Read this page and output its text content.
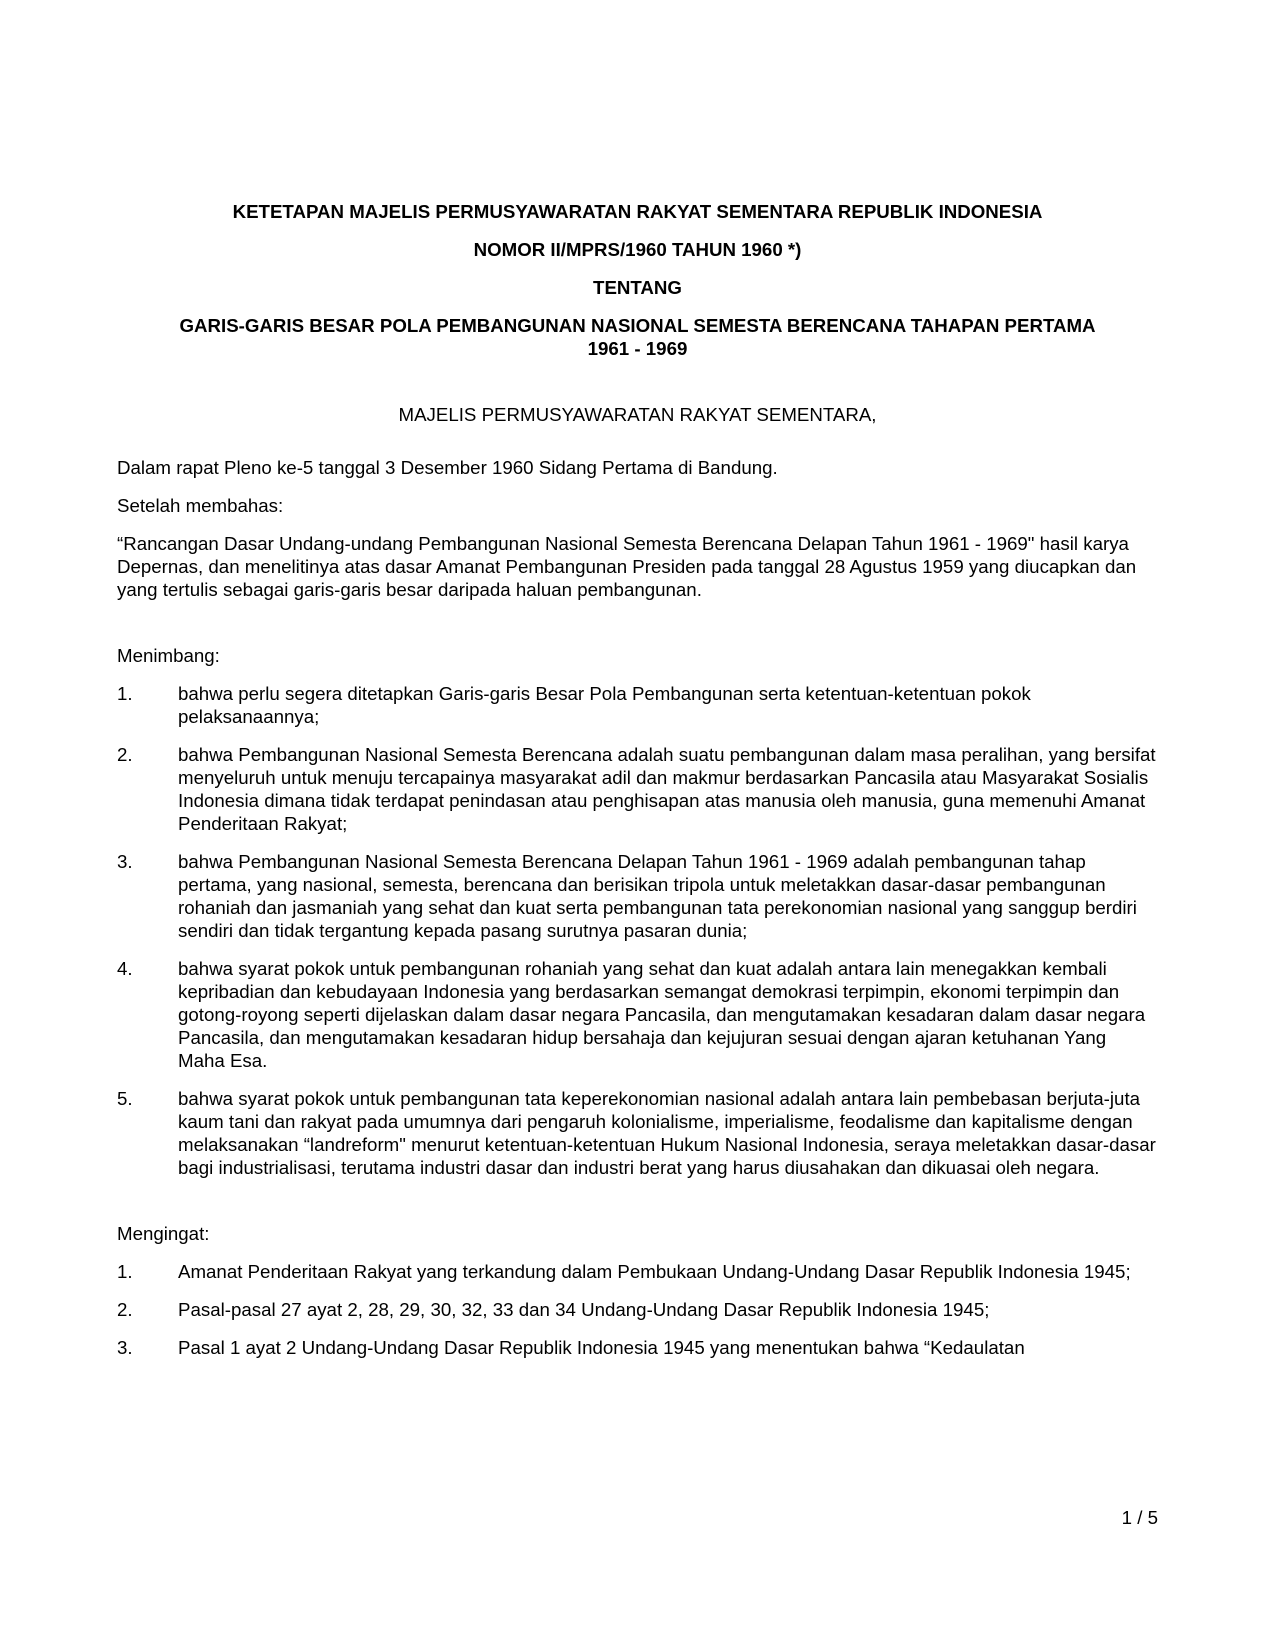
KETETAPAN MAJELIS PERMUSYAWARATAN RAKYAT SEMENTARA REPUBLIK INDONESIA

NOMOR II/MPRS/1960 TAHUN 1960 *)

TENTANG

GARIS-GARIS BESAR POLA PEMBANGUNAN NASIONAL SEMESTA BERENCANA TAHAPAN PERTAMA
1961 - 1969

MAJELIS PERMUSYAWARATAN RAKYAT SEMENTARA,

Dalam rapat Pleno ke-5 tanggal 3 Desember 1960 Sidang Pertama di Bandung.

Setelah membahas:

“Rancangan Dasar Undang-undang Pembangunan Nasional Semesta Berencana Delapan Tahun 1961 - 1969" hasil karya Depernas, dan menelitinya atas dasar Amanat Pembangunan Presiden pada tanggal 28 Agustus 1959 yang diucapkan dan yang tertulis sebagai garis-garis besar daripada haluan pembangunan.

Menimbang:

1. bahwa perlu segera ditetapkan Garis-garis Besar Pola Pembangunan serta ketentuan-ketentuan pokok pelaksanaannya;
2. bahwa Pembangunan Nasional Semesta Berencana adalah suatu pembangunan dalam masa peralihan, yang bersifat menyeluruh untuk menuju tercapainya masyarakat adil dan makmur berdasarkan Pancasila atau Masyarakat Sosialis Indonesia dimana tidak terdapat penindasan atau penghisapan atas manusia oleh manusia, guna memenuhi Amanat Penderitaan Rakyat;
3. bahwa Pembangunan Nasional Semesta Berencana Delapan Tahun 1961 - 1969 adalah pembangunan tahap pertama, yang nasional, semesta, berencana dan berisikan tripola untuk meletakkan dasar-dasar pembangunan rohaniah dan jasmaniah yang sehat dan kuat serta pembangunan tata perekonomian nasional yang sanggup berdiri sendiri dan tidak tergantung kepada pasang surutnya pasaran dunia;
4. bahwa syarat pokok untuk pembangunan rohaniah yang sehat dan kuat adalah antara lain menegakkan kembali kepribadian dan kebudayaan Indonesia yang berdasarkan semangat demokrasi terpimpin, ekonomi terpimpin dan gotong-royong seperti dijelaskan dalam dasar negara Pancasila, dan mengutamakan kesadaran dalam dasar negara Pancasila, dan mengutamakan kesadaran hidup bersahaja dan kejujuran sesuai dengan ajaran ketuhanan Yang Maha Esa.
5. bahwa syarat pokok untuk pembangunan tata keperekonomian nasional adalah antara lain pembebasan berjuta-juta kaum tani dan rakyat pada umumnya dari pengaruh kolonialisme, imperialisme, feodalisme dan kapitalisme dengan melaksanakan “landreform" menurut ketentuan-ketentuan Hukum Nasional Indonesia, seraya meletakkan dasar-dasar bagi industrialisasi, terutama industri dasar dan industri berat yang harus diusahakan dan dikuasai oleh negara.

Mengingat:

1. Amanat Penderitaan Rakyat yang terkandung dalam Pembukaan Undang-Undang Dasar Republik Indonesia 1945;
2. Pasal-pasal 27 ayat 2, 28, 29, 30, 32, 33 dan 34 Undang-Undang Dasar Republik Indonesia 1945;
3. Pasal 1 ayat 2 Undang-Undang Dasar Republik Indonesia 1945 yang menentukan bahwa “Kedaulatan
1 / 5
